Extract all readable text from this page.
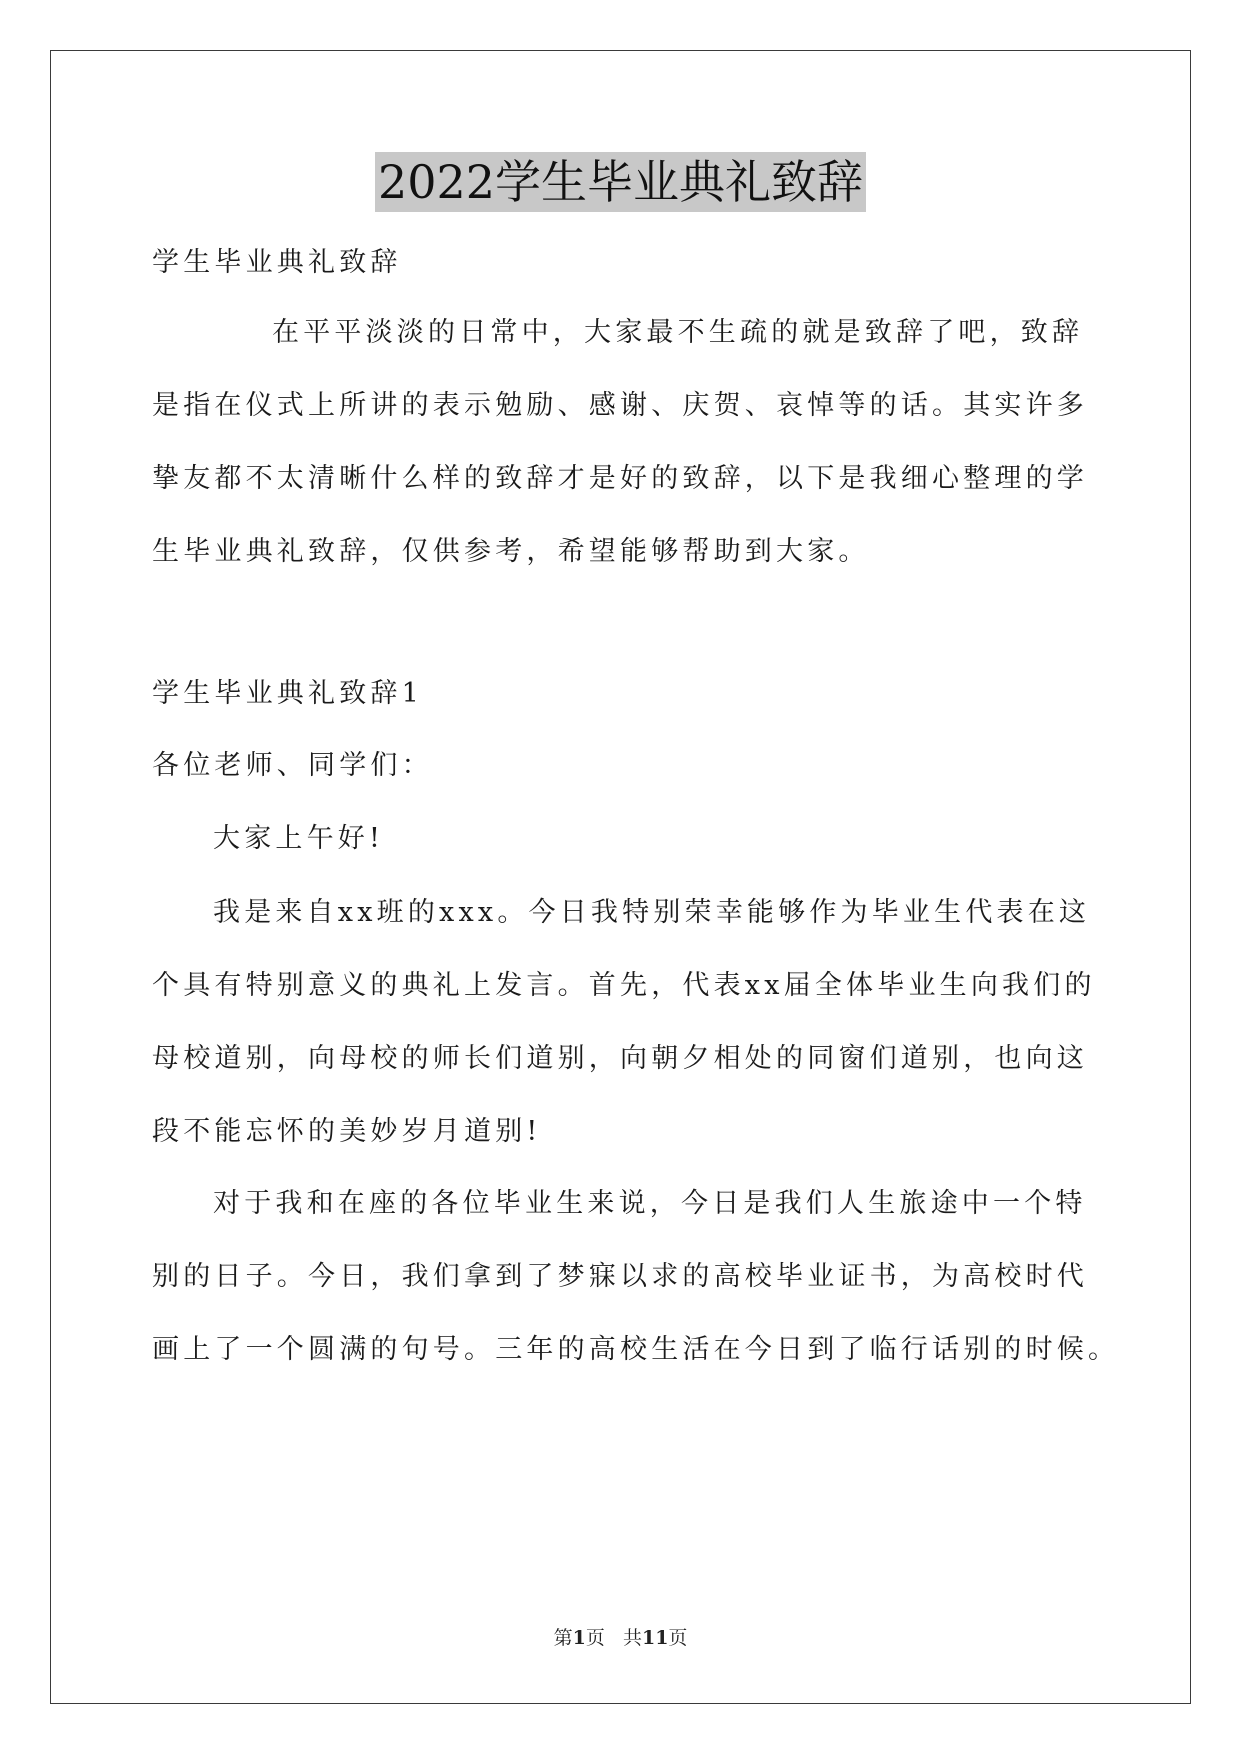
2022学生毕业典礼致辞
学生毕业典礼致辞
在平平淡淡的日常中，大家最不生疏的就是致辞了吧，致辞
是指在仪式上所讲的表示勉励、感谢、庆贺、哀悼等的话。其实许多
挚友都不太清晰什么样的致辞才是好的致辞，以下是我细心整理的学
生毕业典礼致辞，仅供参考，希望能够帮助到大家。
学生毕业典礼致辞1
各位老师、同学们：
大家上午好!
我是来自xx班的xxx。今日我特别荣幸能够作为毕业生代表在这
个具有特别意义的典礼上发言。首先，代表xx届全体毕业生向我们的
母校道别，向母校的师长们道别，向朝夕相处的同窗们道别，也向这
段不能忘怀的美妙岁月道别!
对于我和在座的各位毕业生来说，今日是我们人生旅途中一个特
别的日子。今日，我们拿到了梦寐以求的高校毕业证书，为高校时代
画上了一个圆满的句号。三年的高校生活在今日到了临行话别的时候。
第1页 共11页
